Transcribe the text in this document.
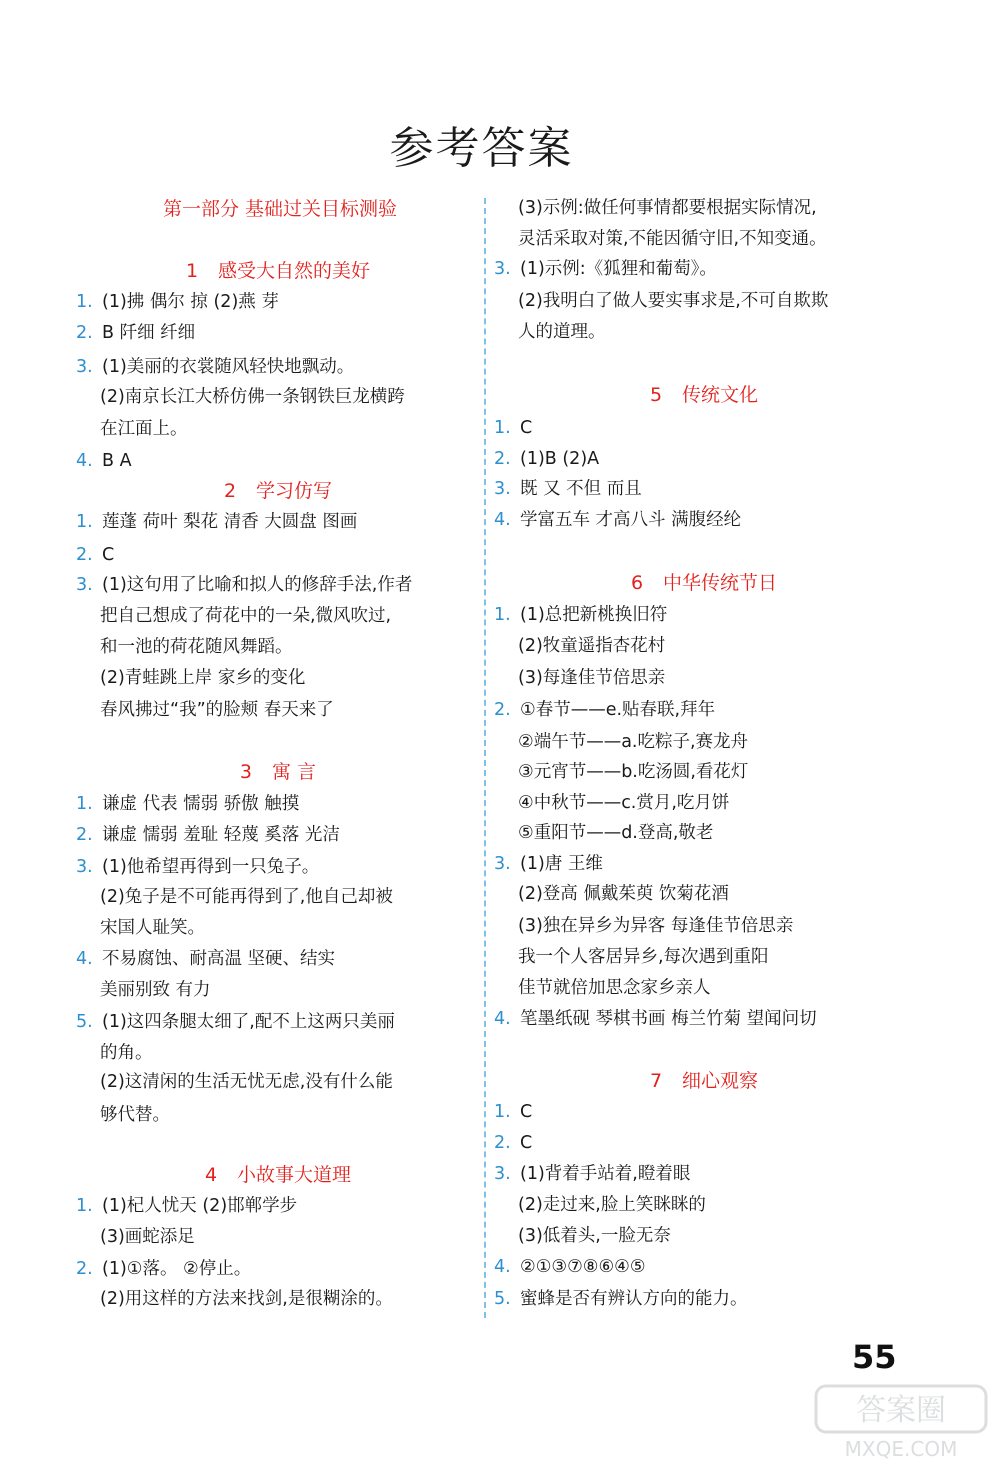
参考答案
第一部分 基础过关目标测验
1 感受大自然的美好
1. (1)拂 偶尔 掠 (2)燕 芽
2. B 阡细 纤细
3. (1)美丽的衣裳随风轻快地飘动。
(2)南京长江大桥仿佛一条钢铁巨龙横跨
在江面上。
4. B A
2 学习仿写
1. 莲蓬 荷叶 梨花 清香 大圆盘 图画
2. C
3. (1)这句用了比喻和拟人的修辞手法,作者
把自己想成了荷花中的一朵,微风吹过,
和一池的荷花随风舞蹈。
(2)青蛙跳上岸 家乡的变化
春风拂过“我”的脸颊 春天来了
3 寓 言
1. 谦虚 代表 懦弱 骄傲 触摸
2. 谦虚 懦弱 羞耻 轻蔑 奚落 光洁
3. (1)他希望再得到一只兔子。
(2)兔子是不可能再得到了,他自己却被
宋国人耻笑。
4. 不易腐蚀、耐高温 坚硬、结实
美丽别致 有力
5. (1)这四条腿太细了,配不上这两只美丽
的角。
(2)这清闲的生活无忧无虑,没有什么能
够代替。
4 小故事大道理
1. (1)杞人忧天 (2)邯郸学步
(3)画蛇添足
2. (1)①落。 ②停止。
(2)用这样的方法来找剑,是很糊涂的。
(3)示例:做任何事情都要根据实际情况,
灵活采取对策,不能因循守旧,不知变通。
3. (1)示例:《狐狸和葡萄》。
(2)我明白了做人要实事求是,不可自欺欺
人的道理。
5 传统文化
1. C
2. (1)B (2)A
3. 既 又 不但 而且
4. 学富五车 才高八斗 满腹经纶
6 中华传统节日
1. (1)总把新桃换旧符
(2)牧童遥指杏花村
(3)每逢佳节倍思亲
2. ①春节——e.贴春联,拜年
②端午节——a.吃粽子,赛龙舟
③元宵节——b.吃汤圆,看花灯
④中秋节——c.赏月,吃月饼
⑤重阳节——d.登高,敬老
3. (1)唐 王维
(2)登高 佩戴茱萸 饮菊花酒
(3)独在异乡为异客 每逢佳节倍思亲
我一个人客居异乡,每次遇到重阳
佳节就倍加思念家乡亲人
4. 笔墨纸砚 琴棋书画 梅兰竹菊 望闻问切
7 细心观察
1. C
2. C
3. (1)背着手站着,瞪着眼
(2)走过来,脸上笑眯眯的
(3)低着头,一脸无奈
4. ②①③⑦⑧⑥④⑤
5. 蜜蜂是否有辨认方向的能力。
55
答案圈
MXQE.COM
